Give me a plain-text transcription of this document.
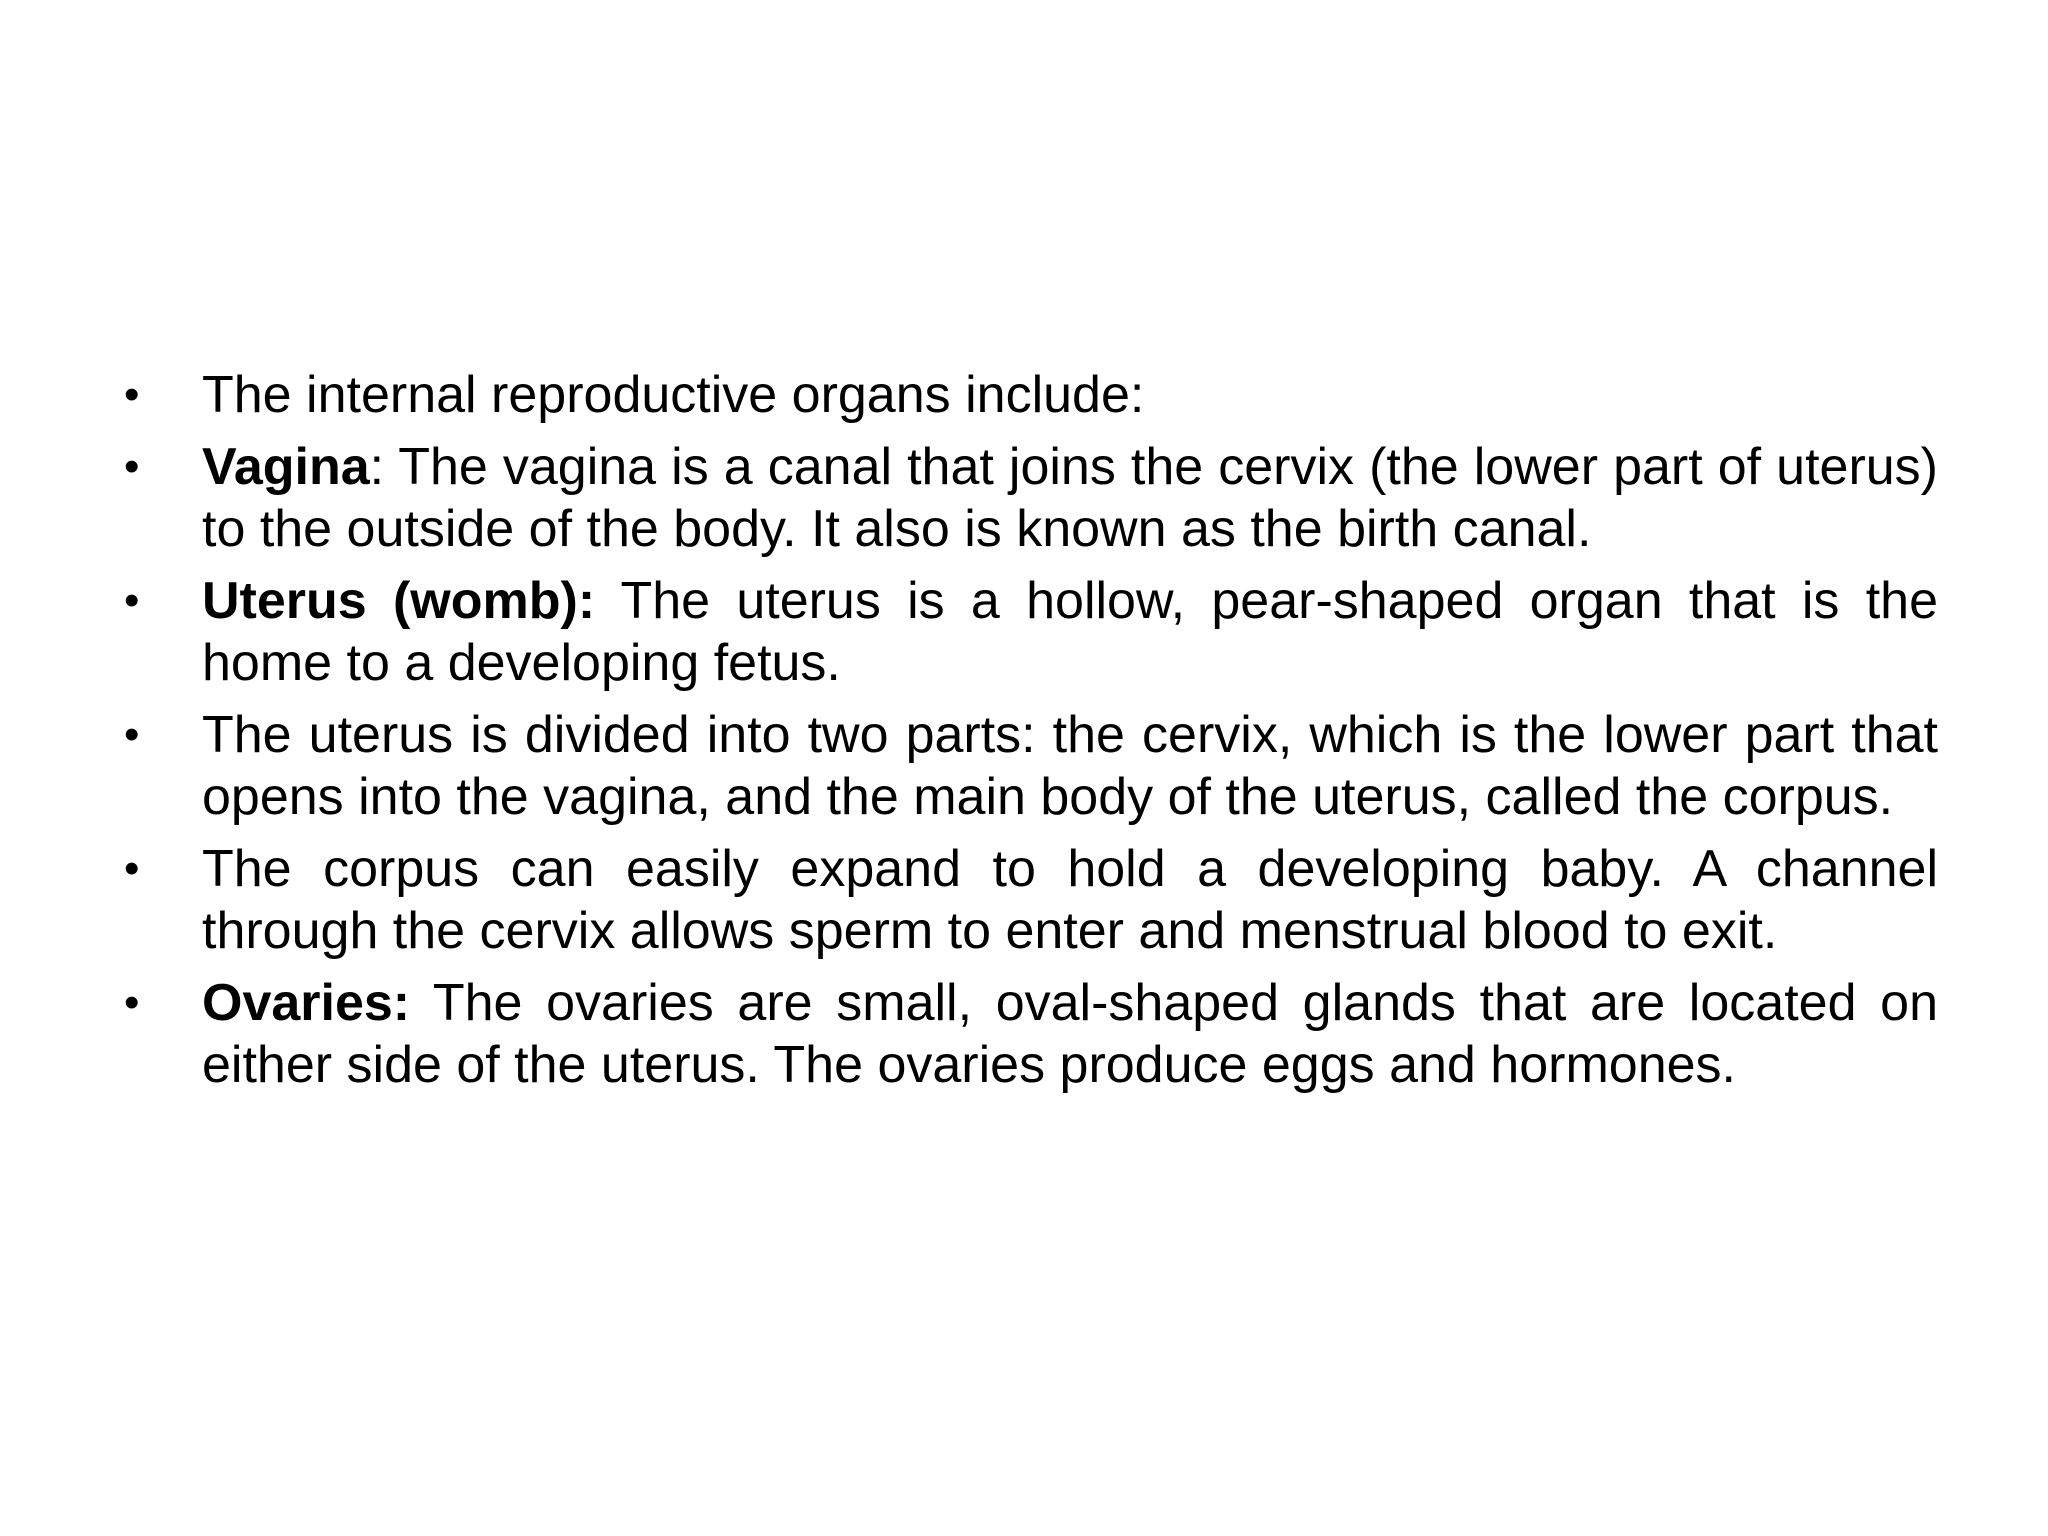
•	The internal reproductive organs include:
•	Vagina: The vagina is a canal that joins the cervix (the lower part of uterus) to the outside of the body. It also is known as the birth canal.
•	Uterus (womb): The uterus is a hollow, pear-shaped organ that is the home to a developing fetus.
•	The uterus is divided into two parts: the cervix, which is the lower part that opens into the vagina, and the main body of the uterus, called the corpus.
•	The corpus can easily expand to hold a developing baby. A channel through the cervix allows sperm to enter and menstrual blood to exit.
•	Ovaries: The ovaries are small, oval-shaped glands that are located on either side of the uterus. The ovaries produce eggs and hormones.
